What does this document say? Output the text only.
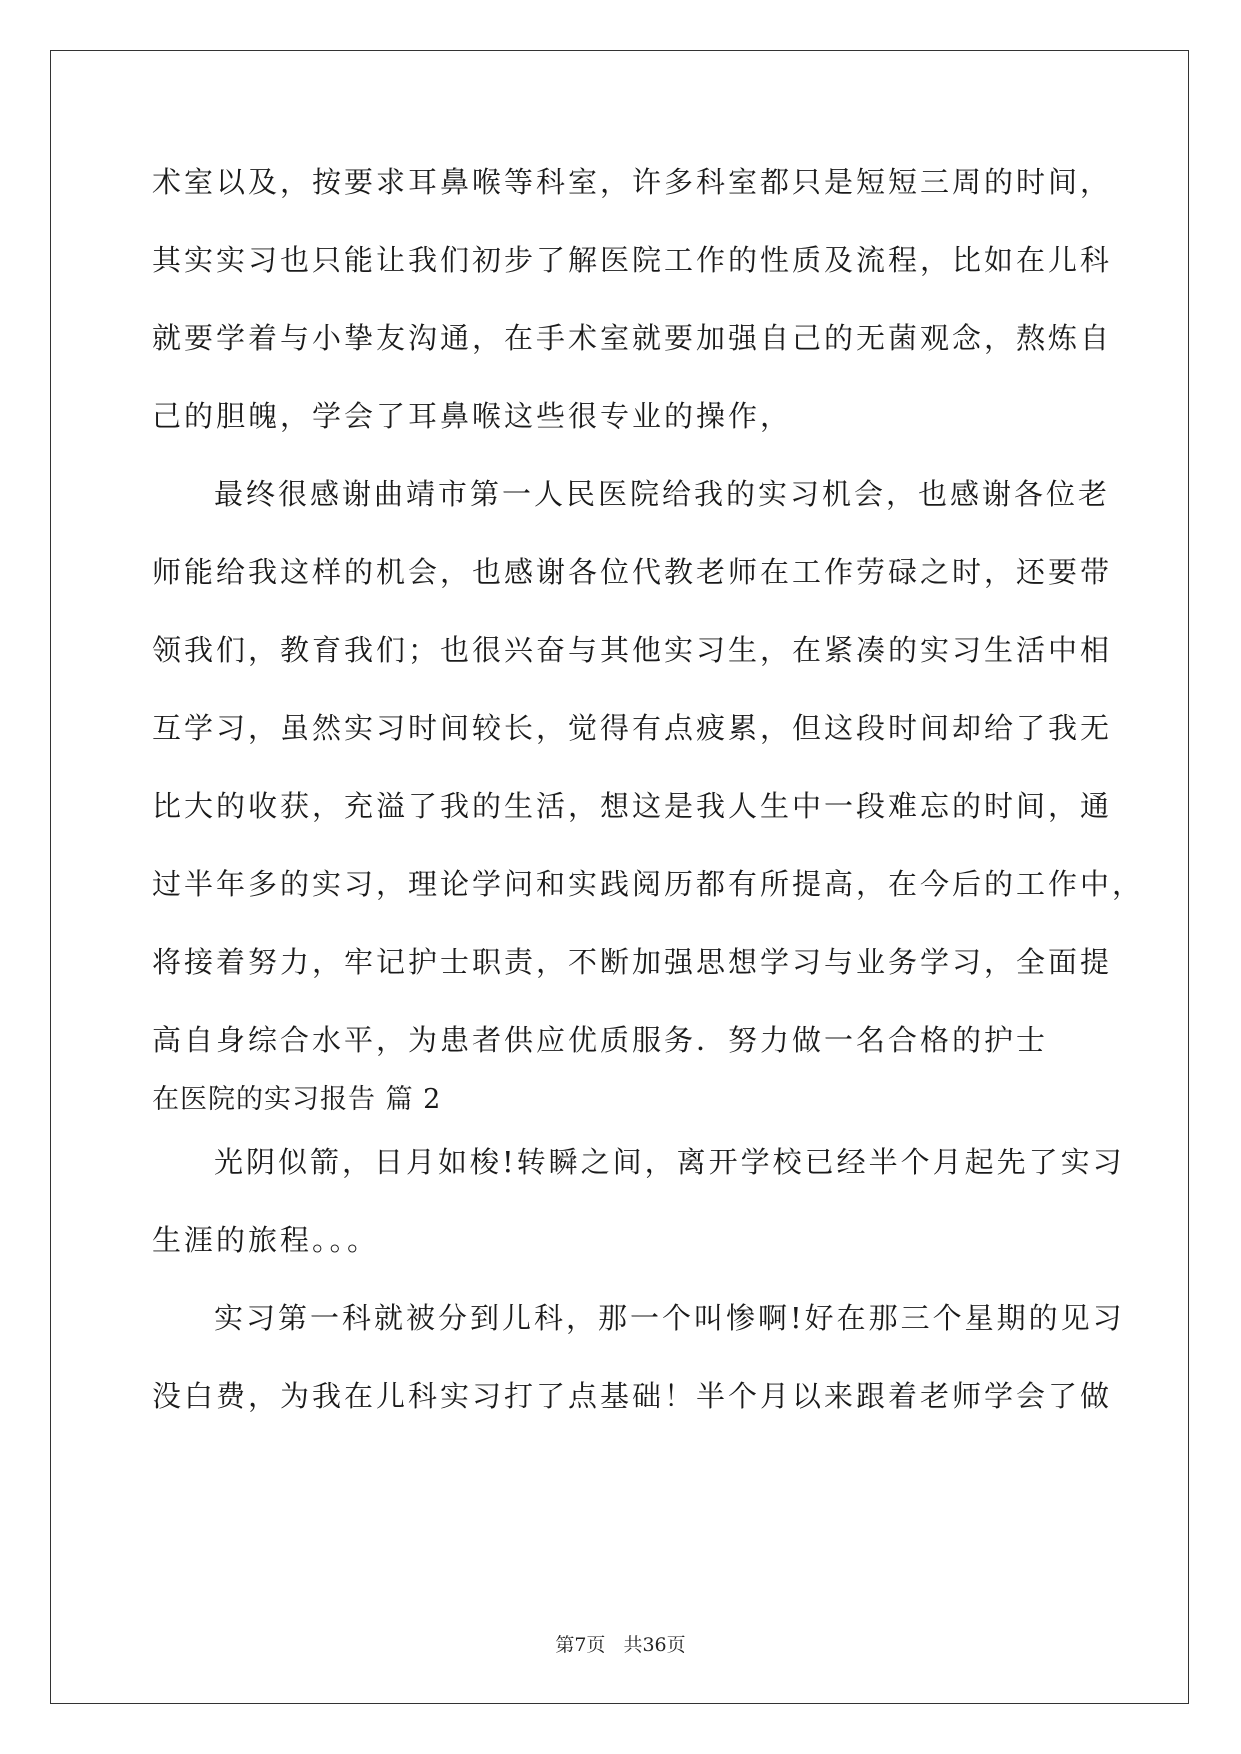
术室以及，按要求耳鼻喉等科室，许多科室都只是短短三周的时间，
其实实习也只能让我们初步了解医院工作的性质及流程，比如在儿科
就要学着与小挚友沟通，在手术室就要加强自己的无菌观念，熬炼自
己的胆魄，学会了耳鼻喉这些很专业的操作，
最终很感谢曲靖市第一人民医院给我的实习机会，也感谢各位老
师能给我这样的机会，也感谢各位代教老师在工作劳碌之时，还要带
领我们，教育我们；也很兴奋与其他实习生，在紧凑的实习生活中相
互学习，虽然实习时间较长，觉得有点疲累，但这段时间却给了我无
比大的收获，充溢了我的生活，想这是我人生中一段难忘的时间，通
过半年多的实习，理论学问和实践阅历都有所提高，在今后的工作中，
将接着努力，牢记护士职责，不断加强思想学习与业务学习，全面提
高自身综合水平，为患者供应优质服务．努力做一名合格的护士
在医院的实习报告 篇 2
光阴似箭，日月如梭!转瞬之间，离开学校已经半个月起先了实习
生涯的旅程。。。
实习第一科就被分到儿科，那一个叫惨啊!好在那三个星期的见习
没白费，为我在儿科实习打了点基础！半个月以来跟着老师学会了做
第7页 共36页
